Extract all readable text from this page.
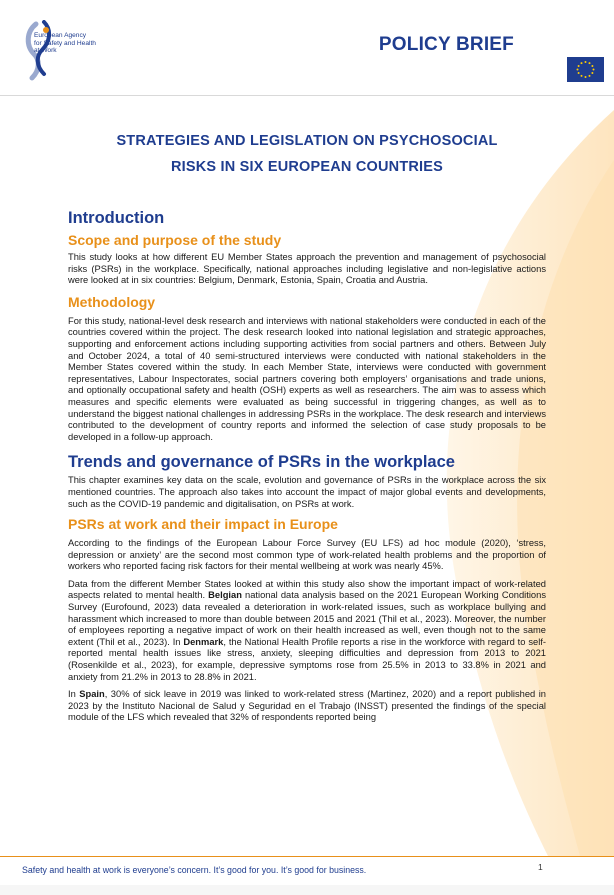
European Agency
for Safety and Health
at Work	POLICY BRIEF
STRATEGIES AND LEGISLATION ON PSYCHOSOCIAL
RISKS IN SIX EUROPEAN COUNTRIES
Introduction
Scope and purpose of the study

This study looks at how different EU Member States approach the prevention and management of psychosocial risks (PSRs) in the workplace. Specifically, national approaches including legislative and non-legislative actions were looked at in six countries: Belgium, Denmark, Estonia, Spain, Croatia and Austria.

Methodology

For this study, national-level desk research and interviews with national stakeholders were conducted in each of the countries covered within the project. The desk research looked into national legislation and strategic approaches, supporting and enforcement actions including supporting activities from social partners and others. Between July and October 2024, a total of 40 semi-structured interviews were conducted with national stakeholders in the Member States covered within the study. In each Member State, interviews were conducted with government representatives, Labour Inspectorates, social partners covering both employers’ organisations and trade unions, and optionally occupational safety and health (OSH) experts as well as researchers. The aim was to assess which measures and specific elements were evaluated as being successful in triggering changes, as well as to understand the biggest national challenges in addressing PSRs in the workplace. The desk research and interviews contributed to the development of country reports and informed the selection of case study proposals to be developed in a follow-up approach.

Trends and governance of PSRs in the workplace

This chapter examines key data on the scale, evolution and governance of PSRs in the workplace across the six mentioned countries. The approach also takes into account the impact of major global events and developments, such as the COVID-19 pandemic and digitalisation, on PSRs at work.

PSRs at work and their impact in Europe

According to the findings of the European Labour Force Survey (EU LFS) ad hoc module (2020), ‘stress, depression or anxiety’ are the second most common type of work-related health problems and the proportion of workers who reported facing risk factors for their mental wellbeing at work was nearly 45%.

Data from the different Member States looked at within this study also show the important impact of work-related aspects related to mental health. Belgian national data analysis based on the 2021 European Working Conditions Survey (Eurofound, 2023) data revealed a deterioration in work-related issues, such as workplace bullying and harassment which increased to more than double between 2015 and 2021 (Thil et al., 2023). Moreover, the number of employees reporting a negative impact of work on their health increased as well, even though not to the same extent (Thil et al., 2023). In Denmark, the National Health Profile reports a rise in the workforce with regard to self-reported mental health issues like stress, anxiety, sleeping difficulties and depression from 2013 to 2021 (Rosenkilde et al., 2023), for example, depressive symptoms rose from 25.5% in 2013 to 33.8% in 2021 and anxiety from 21.2% in 2013 to 28.8% in 2021.

In Spain, 30% of sick leave in 2019 was linked to work-related stress (Martinez, 2020) and a report published in 2023 by the Instituto Nacional de Salud y Seguridad en el Trabajo (INSST) presented the findings of the special module of the LFS which revealed that 32% of respondents reported being

Safety and health at work is everyone’s concern. It’s good for you. It’s good for business.	1
